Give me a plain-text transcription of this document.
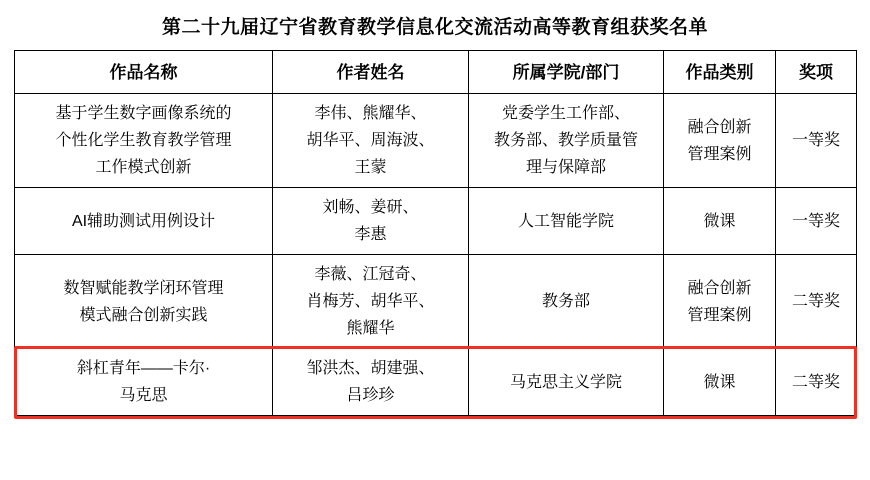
第二十九届辽宁省教育教学信息化交流活动高等教育组获奖名单
作品名称	作者姓名	所属学院/部门	作品类别	奖项

基于学生数字画像系统的
个性化学生教育教学管理
工作模式创新	李伟、熊耀华、
胡华平、周海波、
王蒙	党委学生工作部、
教务部、教学质量管
理与保障部	融合创新
管理案例	一等奖
AI辅助测试用例设计	刘畅、姜研、
李惠	人工智能学院	微课	一等奖

数智赋能教学闭环管理
模式融合创新实践	李薇、江冠奇、
肖梅芳、胡华平、
熊耀华	教务部	融合创新
管理案例	二等奖

斜杠青年——卡尔·
马克思	邹洪杰、胡建强、
吕珍珍	马克思主义学院	微课	二等奖
